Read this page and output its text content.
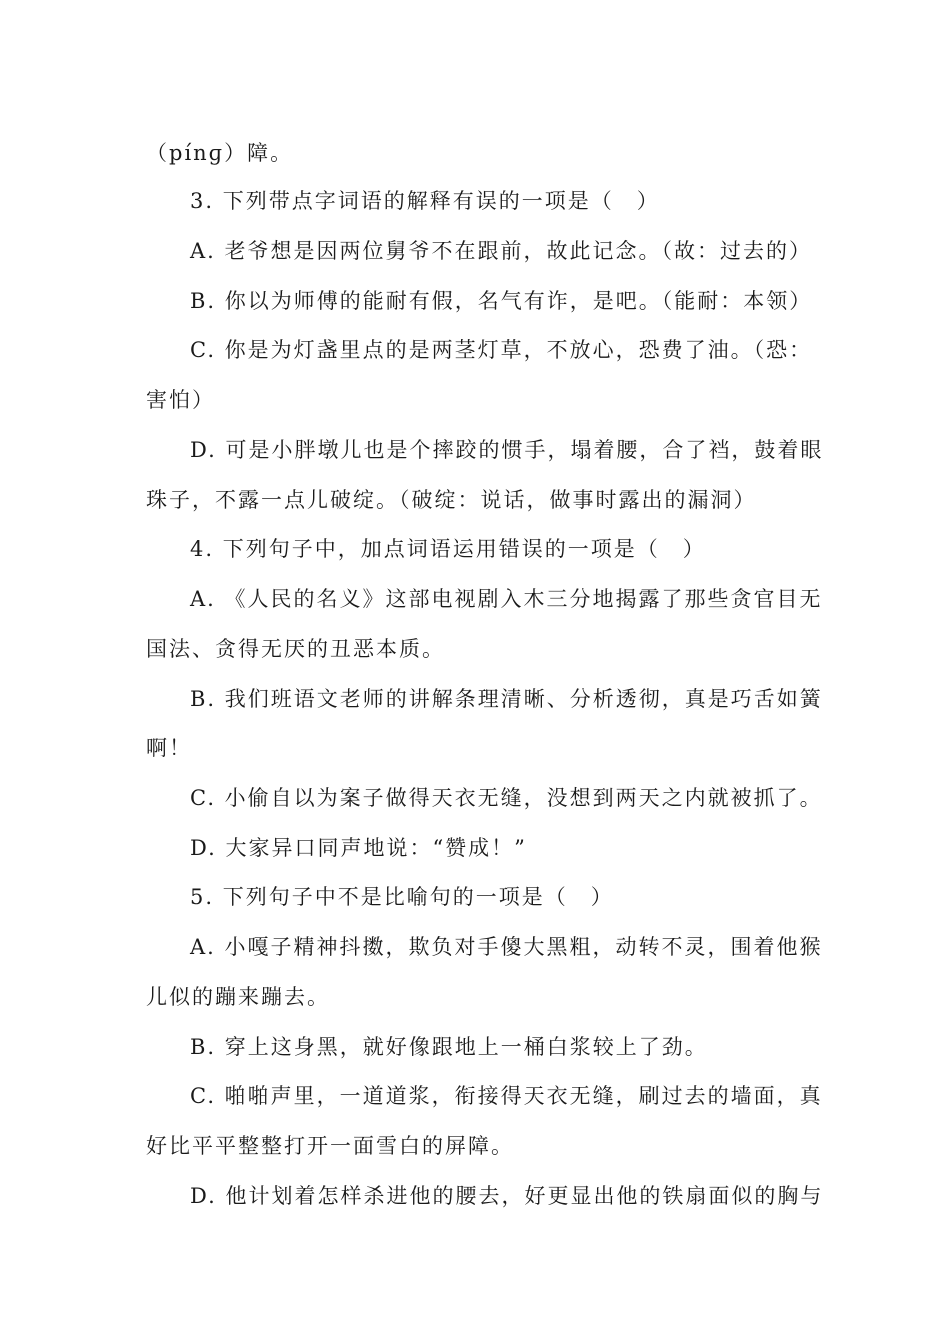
（pínɡ）障。
3. 下列带点字词语的解释有误的一项是（　）
A. 老爷想是因两位舅爷不在跟前，故此记念。（故：过去的）
B. 你以为师傅的能耐有假，名气有诈，是吧。（能耐：本领）
C. 你是为灯盏里点的是两茎灯草，不放心，恐费了油。（恐：
害怕）
D. 可是小胖墩儿也是个摔跤的惯手，塌着腰，合了裆，鼓着眼
珠子，不露一点儿破绽。（破绽：说话，做事时露出的漏洞）
4. 下列句子中，加点词语运用错误的一项是（　）
A. 《人民的名义》这部电视剧入木三分地揭露了那些贪官目无
国法、贪得无厌的丑恶本质。
B. 我们班语文老师的讲解条理清晰、分析透彻，真是巧舌如簧
啊！
C. 小偷自以为案子做得天衣无缝，没想到两天之内就被抓了。
D. 大家异口同声地说：“赞成！”
5. 下列句子中不是比喻句的一项是（　）
A. 小嘎子精神抖擞，欺负对手傻大黑粗，动转不灵，围着他猴
儿似的蹦来蹦去。
B. 穿上这身黑，就好像跟地上一桶白浆较上了劲。
C. 啪啪声里，一道道浆，衔接得天衣无缝，刷过去的墙面，真
好比平平整整打开一面雪白的屏障。
D. 他计划着怎样杀进他的腰去，好更显出他的铁扇面似的胸与
